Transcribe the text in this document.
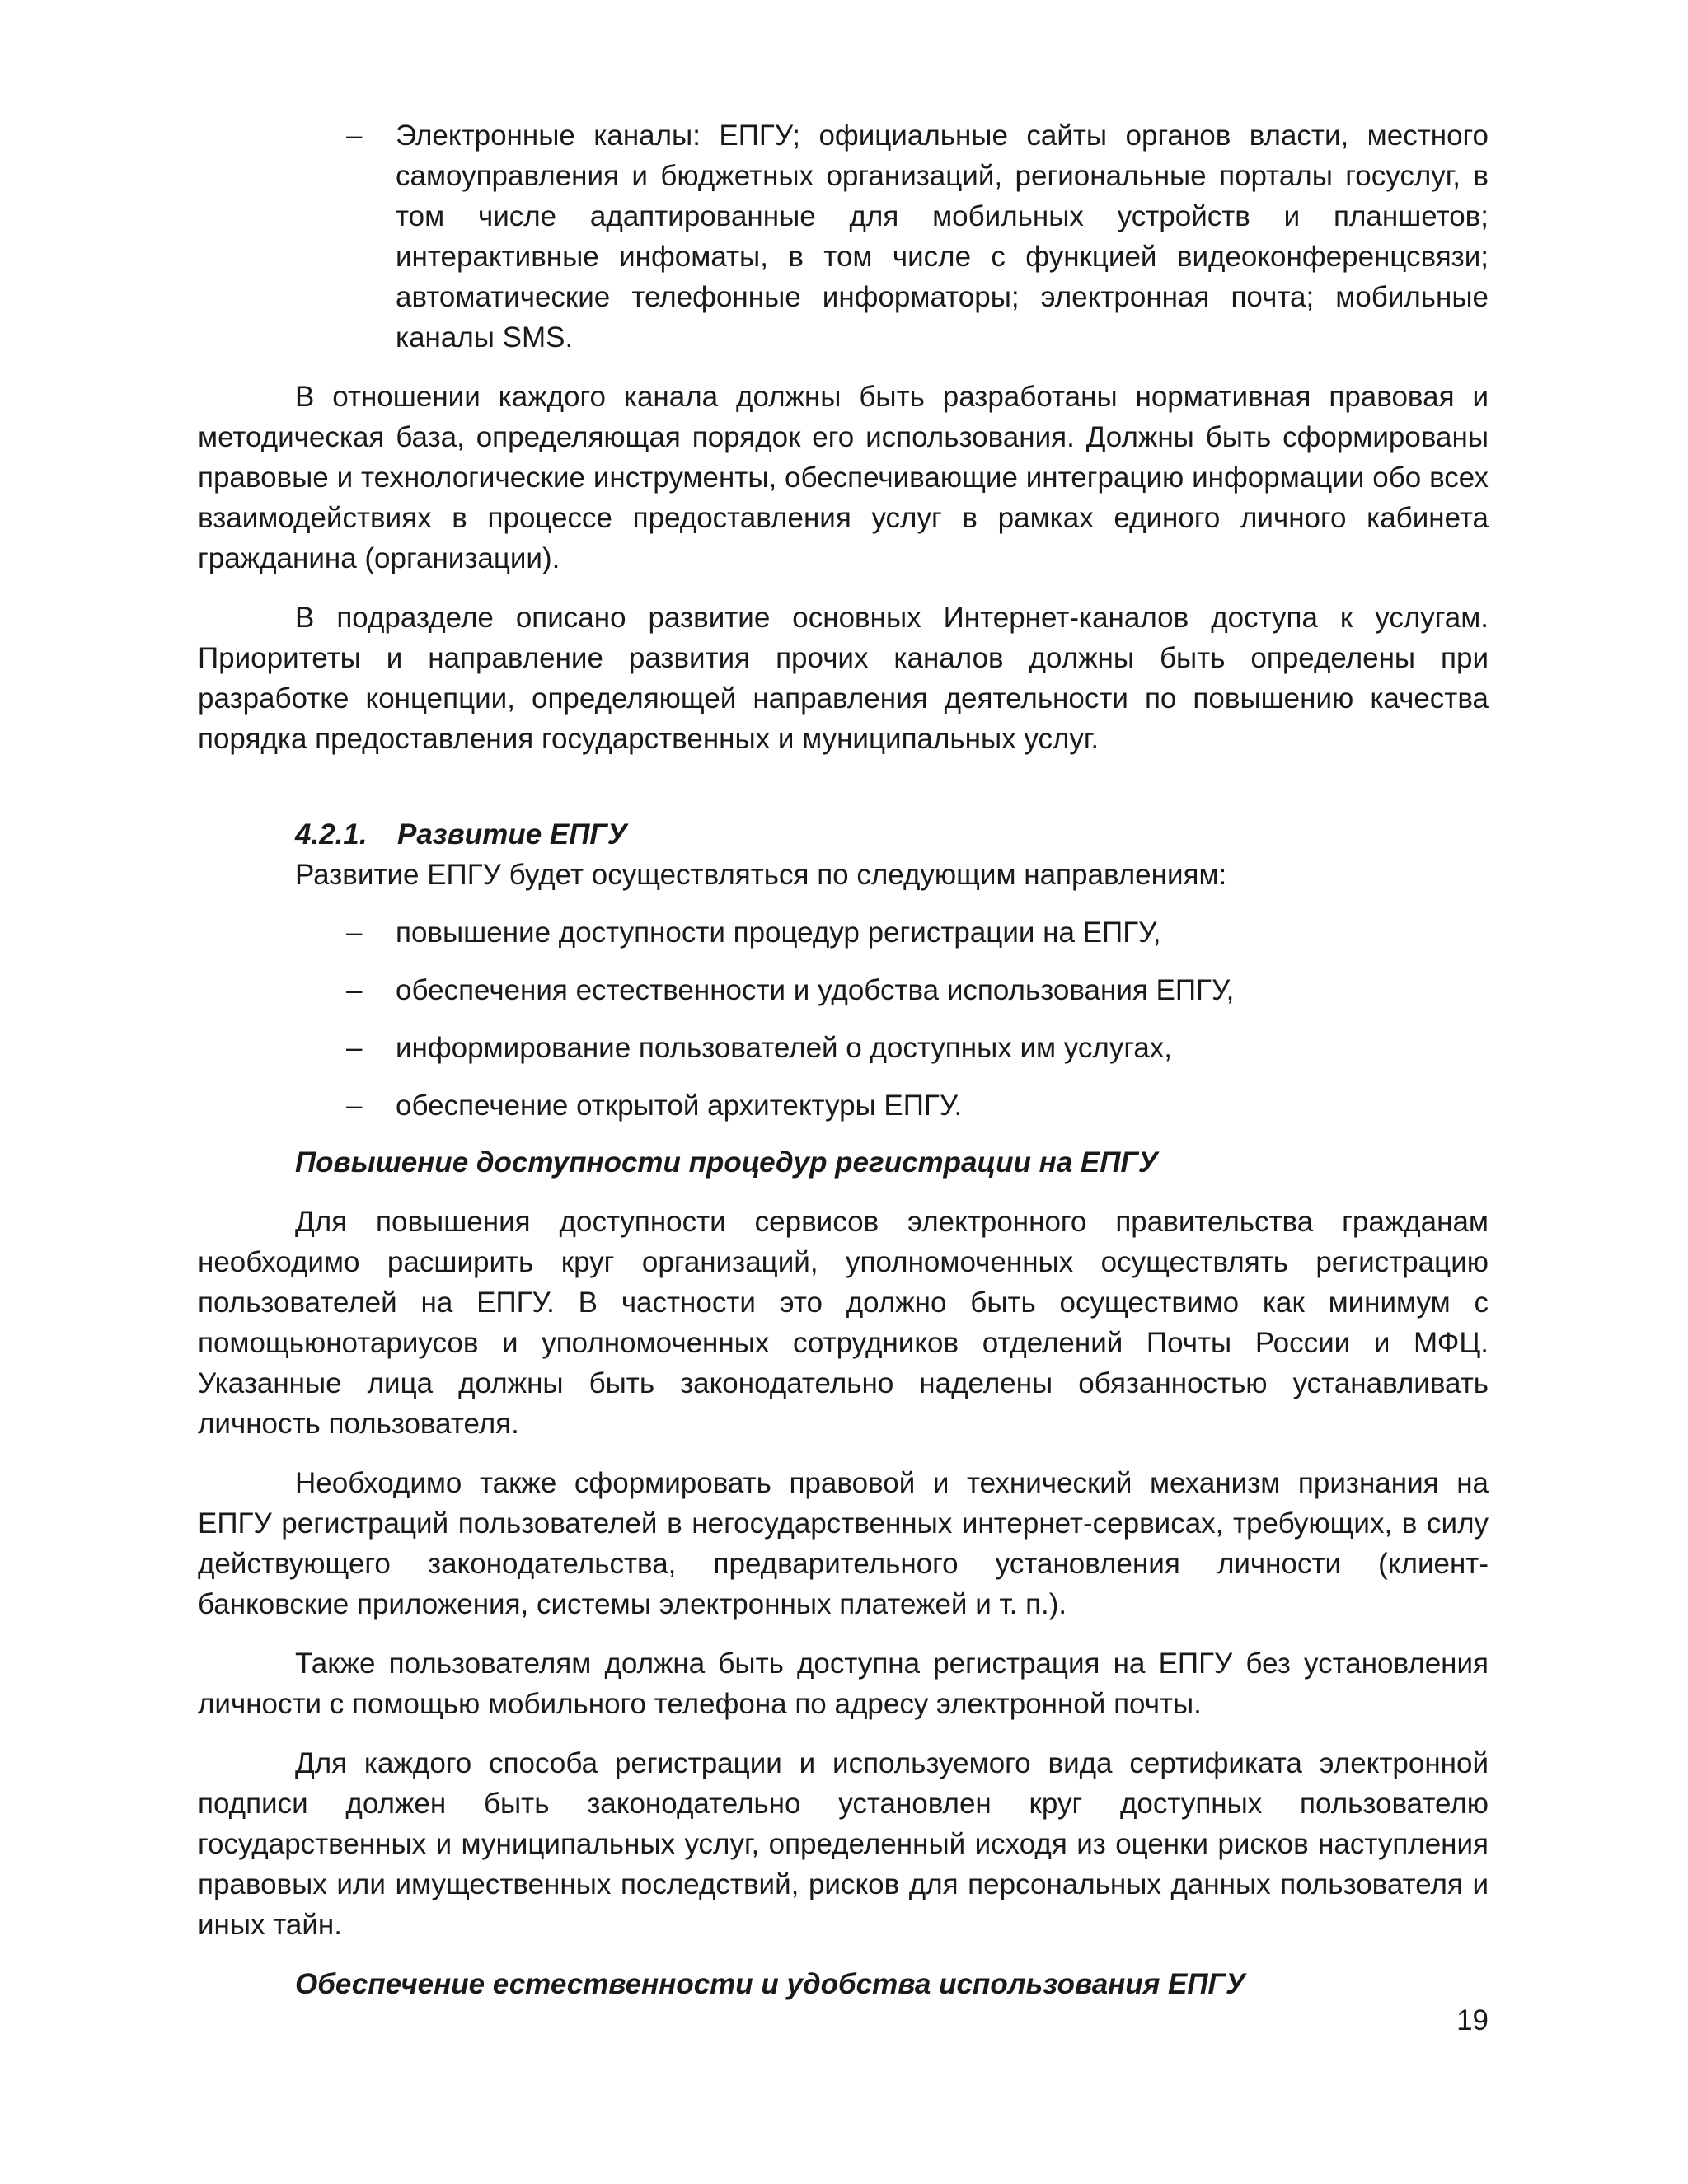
– Электронные каналы: ЕПГУ; официальные сайты органов власти, местного самоуправления и бюджетных организаций, региональные порталы госуслуг, в том числе адаптированные для мобильных устройств и планшетов; интерактивные инфоматы, в том числе с функцией видеоконференцсвязи; автоматические телефонные информаторы; электронная почта; мобильные каналы SMS.

В отношении каждого канала должны быть разработаны нормативная правовая и методическая база, определяющая порядок его использования. Должны быть сформированы правовые и технологические инструменты, обеспечивающие интеграцию информации обо всех взаимодействиях в процессе предоставления услуг в рамках единого личного кабинета гражданина (организации).

В подразделе описано развитие основных Интернет-каналов доступа к услугам. Приоритеты и направление развития прочих каналов должны быть определены при разработке концепции, определяющей направления деятельности по повышению качества порядка предоставления государственных и муниципальных услуг.

4.2.1. Развитие ЕПГУ

Развитие ЕПГУ будет осуществляться по следующим направлениям:

– повышение доступности процедур регистрации на ЕПГУ,
– обеспечения естественности и удобства использования ЕПГУ,
– информирование пользователей о доступных им услугах,
– обеспечение открытой архитектуры ЕПГУ.

Повышение доступности процедур регистрации на ЕПГУ

Для повышения доступности сервисов электронного правительства гражданам необходимо расширить круг организаций, уполномоченных осуществлять регистрацию пользователей на ЕПГУ. В частности это должно быть осуществимо как минимум с помощьюнотариусов и уполномоченных сотрудников отделений Почты России и МФЦ. Указанные лица должны быть законодательно наделены обязанностью устанавливать личность пользователя.

Необходимо также сформировать правовой и технический механизм признания на ЕПГУ регистраций пользователей в негосударственных интернет-сервисах, требующих, в силу действующего законодательства, предварительного установления личности (клиент-банковские приложения, системы электронных платежей и т. п.).

Также пользователям должна быть доступна регистрация на ЕПГУ без установления личности с помощью мобильного телефона по адресу электронной почты.

Для каждого способа регистрации и используемого вида сертификата электронной подписи должен быть законодательно установлен круг доступных пользователю государственных и муниципальных услуг, определенный исходя из оценки рисков наступления правовых или имущественных последствий, рисков для персональных данных пользователя и иных тайн.

Обеспечение естественности и удобства использования ЕПГУ

19
